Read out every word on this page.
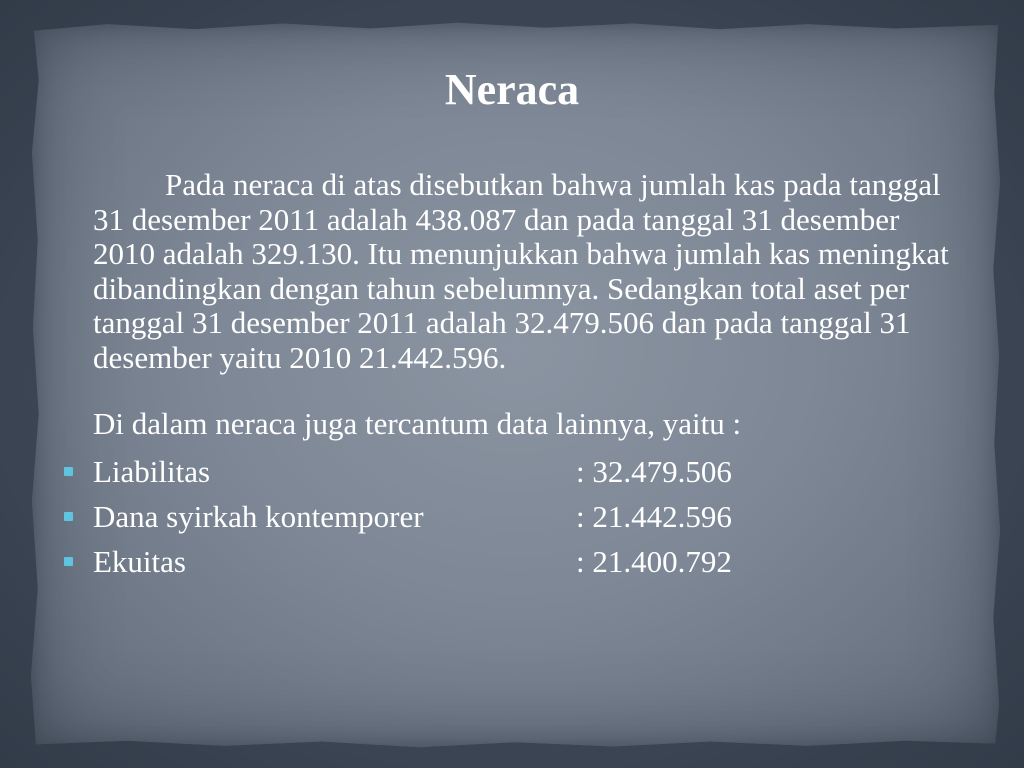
Neraca

Pada neraca di atas disebutkan bahwa jumlah kas pada tanggal 31 desember 2011 adalah 438.087 dan pada tanggal 31 desember 2010 adalah 329.130. Itu menunjukkan bahwa jumlah kas meningkat dibandingkan dengan tahun sebelumnya. Sedangkan total aset per tanggal 31 desember 2011 adalah 32.479.506 dan pada tanggal 31 desember yaitu 2010 21.442.596.

Di dalam neraca juga tercantum data lainnya, yaitu :

Liabilitas	: 32.479.506
Dana syirkah kontemporer	: 21.442.596
Ekuitas	: 21.400.792
